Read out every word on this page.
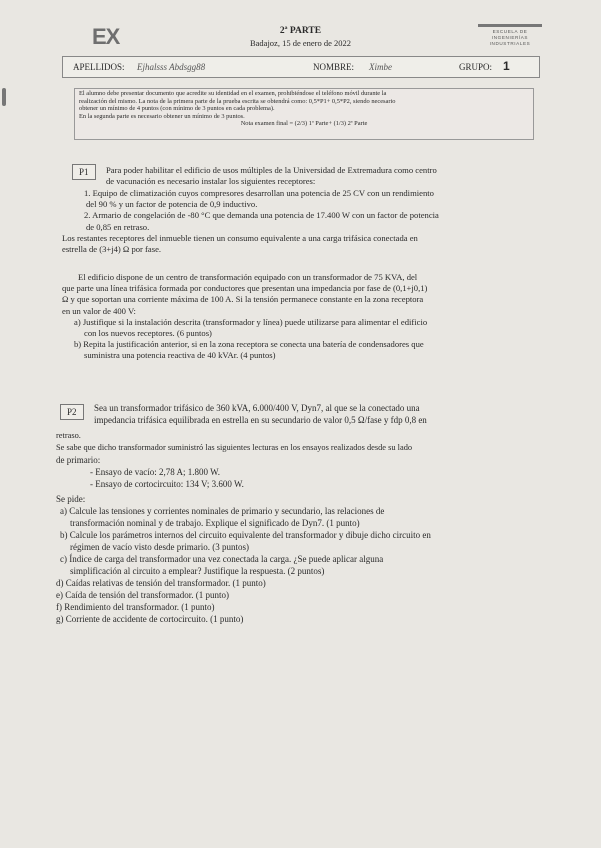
EX	2ª PARTE
Badajoz, 15 de enero de 2022
ESCUELA DE
INGENIERÍAS
INDUSTRIALES
APELLIDOS: Ejhalsss Abdsgg88	NOMBRE: Ximbe	GRUPO: 1
El alumno debe presentar documento que acredite su identidad en el examen, prohibiéndose el teléfono móvil durante la
realización del mismo. La nota de la primera parte de la prueba escrita se obtendrá como: 0,5*P1+ 0,5*P2, siendo necesario
obtener un mínimo de 4 puntos (con mínimo de 3 puntos en cada problema).
En la segunda parte es necesario obtener un mínimo de 3 puntos.
Nota examen final = (2/3) 1ª Parte+ (1/3) 2ª Parte
P1	Para poder habilitar el edificio de usos múltiples de la Universidad de Extremadura como centro
de vacunación es necesario instalar los siguientes receptores:
1. Equipo de climatización cuyos compresores desarrollan una potencia de 25 CV con un rendimiento
del 90 % y un factor de potencia de 0,9 inductivo.
2. Armario de congelación de -80 °C que demanda una potencia de 17.400 W con un factor de potencia
de 0,85 en retraso.
Los restantes receptores del inmueble tienen un consumo equivalente a una carga trifásica conectada en
estrella de (3+j4) Ω por fase.
El edificio dispone de un centro de transformación equipado con un transformador de 75 KVA, del
que parte una línea trifásica formada por conductores que presentan una impedancia por fase de (0,1+j0,1)
Ω y que soportan una corriente máxima de 100 A. Si la tensión permanece constante en la zona receptora
en un valor de 400 V:
a) Justifique si la instalación descrita (transformador y línea) puede utilizarse para alimentar el edificio
con los nuevos receptores. (6 puntos)
b) Repita la justificación anterior, si en la zona receptora se conecta una batería de condensadores que
suministra una potencia reactiva de 40 kVAr. (4 puntos)
P2	Sea un transformador trifásico de 360 kVA, 6.000/400 V, Dyn7, al que se la conectado una
impedancia trifásica equilibrada en estrella en su secundario de valor 0,5 Ω/fase y fdp 0,8 en
retraso.
Se sabe que dicho transformador suministró las siguientes lecturas en los ensayos realizados desde su lado
de primario:
- Ensayo de vacío: 2,78 A; 1.800 W.
- Ensayo de cortocircuito: 134 V; 3.600 W.
Se pide:
a) Calcule las tensiones y corrientes nominales de primario y secundario, las relaciones de
transformación nominal y de trabajo. Explique el significado de Dyn7. (1 punto)
b) Calcule los parámetros internos del circuito equivalente del transformador y dibuje dicho circuito en
régimen de vacío visto desde primario. (3 puntos)
c) Índice de carga del transformador una vez conectada la carga. ¿Se puede aplicar alguna
simplificación al circuito a emplear? Justifique la respuesta. (2 puntos)
d) Caídas relativas de tensión del transformador. (1 punto)
e) Caída de tensión del transformador. (1 punto)
f) Rendimiento del transformador. (1 punto)
g) Corriente de accidente de cortocircuito. (1 punto)
